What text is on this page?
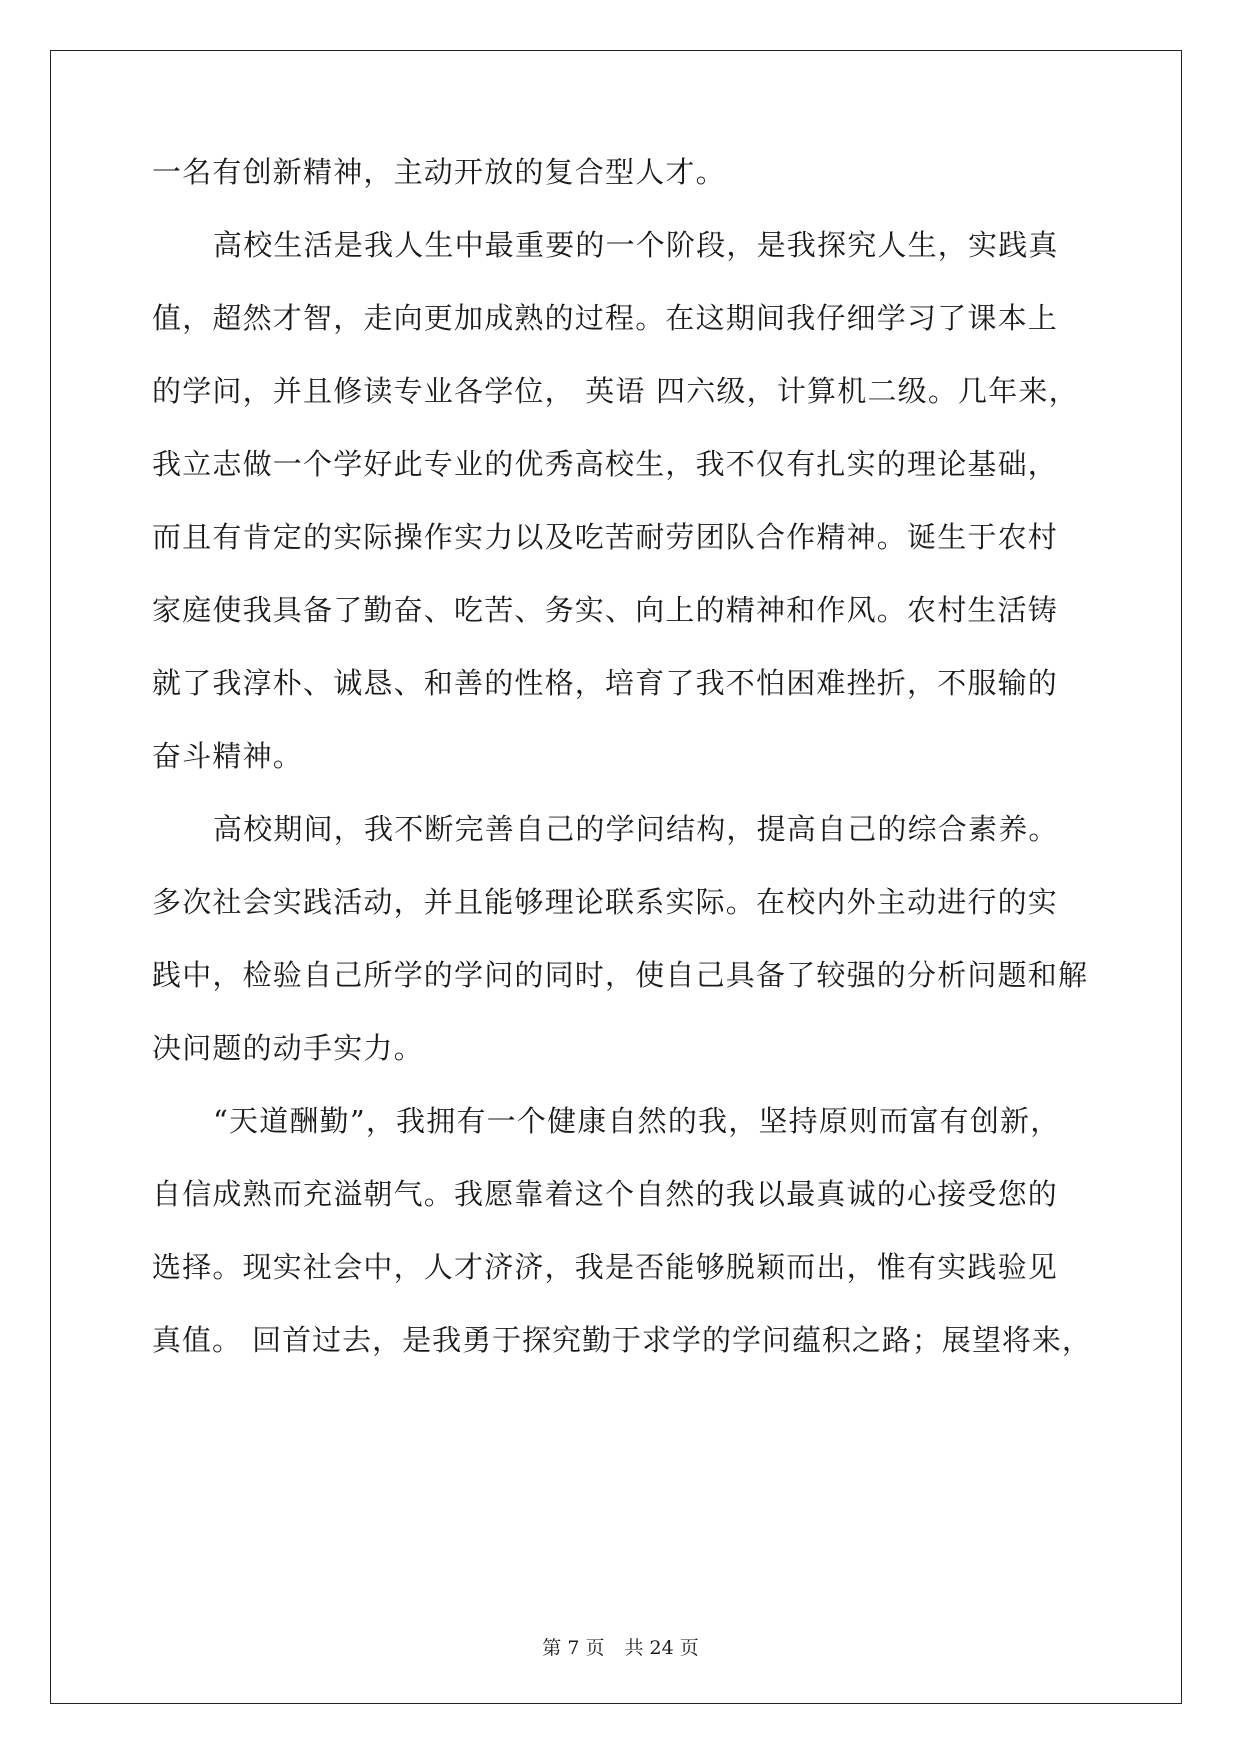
一名有创新精神，主动开放的复合型人才。
高校生活是我人生中最重要的一个阶段，是我探究人生，实践真
值，超然才智，走向更加成熟的过程。在这期间我仔细学习了课本上
的学问，并且修读专业各学位， 英语 四六级，计算机二级。几年来，
我立志做一个学好此专业的优秀高校生，我不仅有扎实的理论基础，
而且有肯定的实际操作实力以及吃苦耐劳团队合作精神。诞生于农村
家庭使我具备了勤奋、吃苦、务实、向上的精神和作风。农村生活铸
就了我淳朴、诚恳、和善的性格，培育了我不怕困难挫折，不服输的
奋斗精神。
高校期间，我不断完善自己的学问结构，提高自己的综合素养。
多次社会实践活动，并且能够理论联系实际。在校内外主动进行的实
践中，检验自己所学的学问的同时，使自己具备了较强的分析问题和解
决问题的动手实力。
“天道酬勤”，我拥有一个健康自然的我，坚持原则而富有创新，
自信成熟而充溢朝气。我愿靠着这个自然的我以最真诚的心接受您的
选择。现实社会中，人才济济，我是否能够脱颖而出，惟有实践验见
真值。 回首过去，是我勇于探究勤于求学的学问蕴积之路；展望将来，
第 7 页 共 24 页
